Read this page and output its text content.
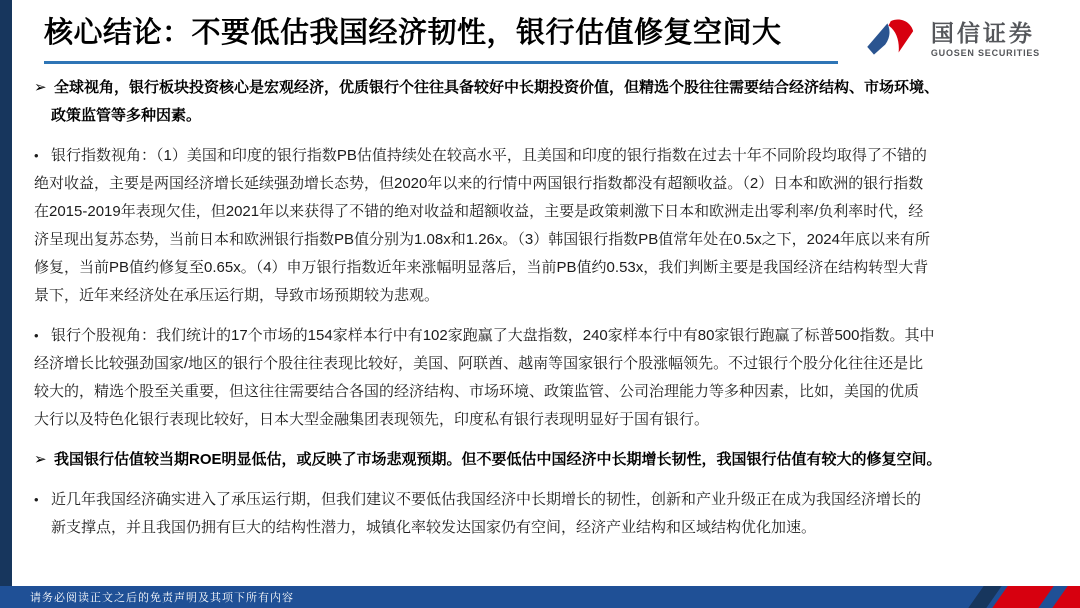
核心结论：不要低估我国经济韧性，银行估值修复空间大	国信证券
GUOSEN SECURITIES
➢ 全球视角，银行板块投资核心是宏观经济，优质银行个往往具备较好中长期投资价值，但精选个股往往需要结合经济结构、市场环境、
政策监管等多种因素。
• 银行指数视角：（1）美国和印度的银行指数PB估值持续处在较高水平，且美国和印度的银行指数在过去十年不同阶段均取得了不错的
绝对收益，主要是两国经济增长延续强劲增长态势，但2020年以来的行情中两国银行指数都没有超额收益。（2）日本和欧洲的银行指数
在2015-2019年表现欠佳，但2021年以来获得了不错的绝对收益和超额收益，主要是政策刺激下日本和欧洲走出零利率/负利率时代，经
济呈现出复苏态势，当前日本和欧洲银行指数PB值分别为1.08x和1.26x。（3）韩国银行指数PB值常年处在0.5x之下，2024年底以来有所
修复，当前PB值约修复至0.65x。（4）申万银行指数近年来涨幅明显落后，当前PB值约0.53x，我们判断主要是我国经济在结构转型大背
景下，近年来经济处在承压运行期，导致市场预期较为悲观。
• 银行个股视角：我们统计的17个市场的154家样本行中有102家跑赢了大盘指数，240家样本行中有80家银行跑赢了标普500指数。其中
经济增长比较强劲国家/地区的银行个股往往表现比较好，美国、阿联酋、越南等国家银行个股涨幅领先。不过银行个股分化往往还是比
较大的，精选个股至关重要，但这往往需要结合各国的经济结构、市场环境、政策监管、公司治理能力等多种因素，比如，美国的优质
大行以及特色化银行表现比较好，日本大型金融集团表现领先，印度私有银行表现明显好于国有银行。
➢ 我国银行估值较当期ROE明显低估，或反映了市场悲观预期。但不要低估中国经济中长期增长韧性，我国银行估值有较大的修复空间。
• 近几年我国经济确实进入了承压运行期，但我们建议不要低估我国经济中长期增长的韧性，创新和产业升级正在成为我国经济增长的
新支撑点，并且我国仍拥有巨大的结构性潜力，城镇化率较发达国家仍有空间，经济产业结构和区域结构优化加速。
请务必阅读正文之后的免责声明及其项下所有内容
